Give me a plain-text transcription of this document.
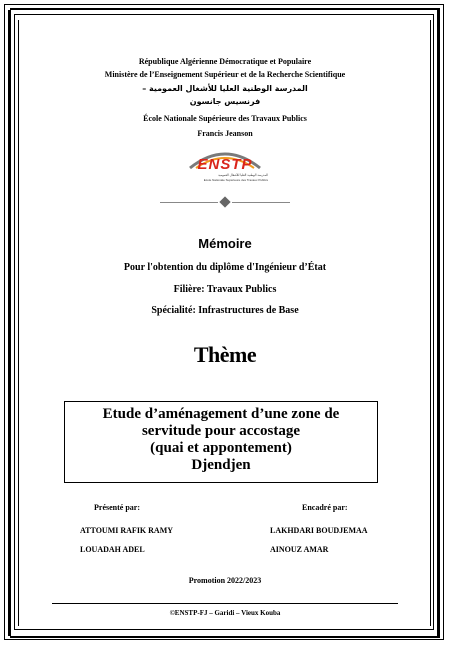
République Algérienne Démocratique et Populaire
Ministère de l’Enseignement Supérieur et de la Recherche Scientifique
المدرسة الوطنية العليا للأشغال العمومية –
فرنسيس جانسون
École Nationale Supérieure des Travaux Publics
Francis Jeanson
ENSTP
المدرسة الوطنية العليا للأشغال العمومية
Ecole Nationale Supérieure des Travaux Publics
Mémoire
Pour l'obtention du diplôme d'Ingénieur d’État
Filière: Travaux Publics
Spécialité: Infrastructures de Base
Thème
Etude d’aménagement d’une zone de
servitude pour accostage
(quai et appontement)
Djendjen
Présenté par:	Encadré par:
ATTOUMI RAFIK RAMY
LOUADAH ADEL
LAKHDARI BOUDJEMAA
AINOUZ AMAR
Promotion 2022/2023
©ENSTP-FJ – Garidi – Vieux Kouba
